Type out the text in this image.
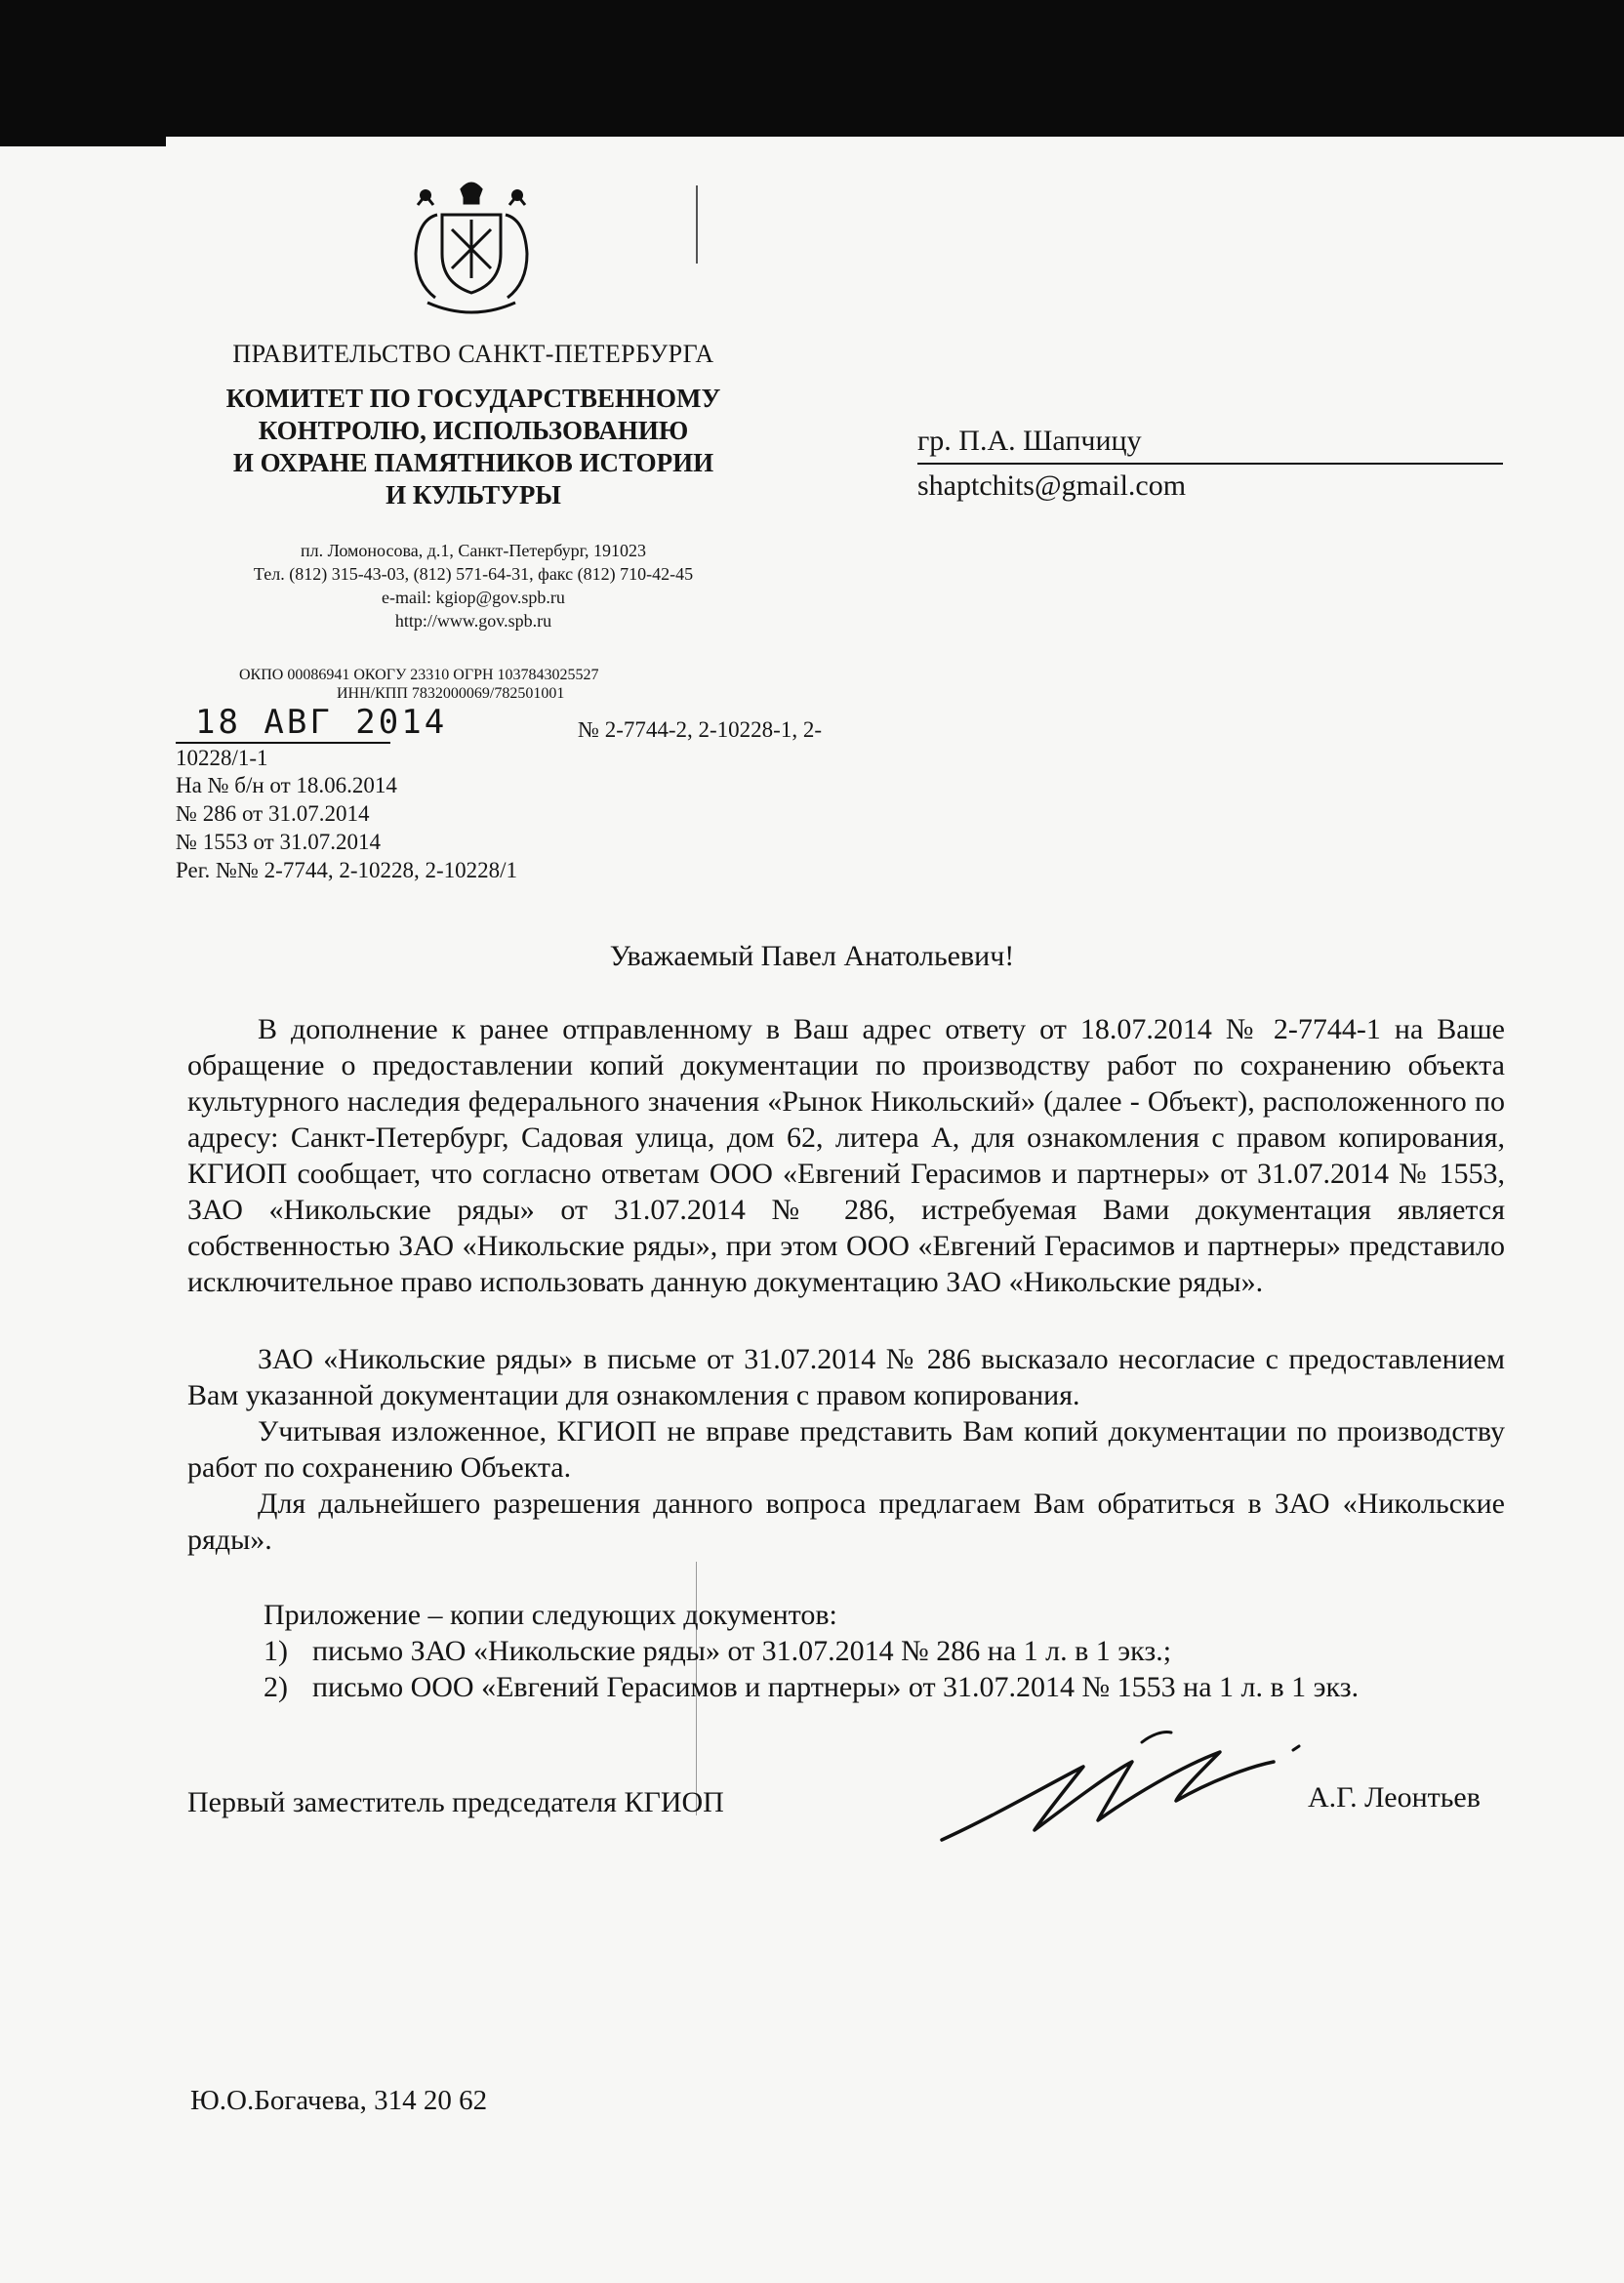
ПРАВИТЕЛЬСТВО САНКТ-ПЕТЕРБУРГА
КОМИТЕТ ПО ГОСУДАРСТВЕННОМУ
КОНТРОЛЮ, ИСПОЛЬЗОВАНИЮ
И ОХРАНЕ ПАМЯТНИКОВ ИСТОРИИ
И КУЛЬТУРЫ
пл. Ломоносова, д.1, Санкт-Петербург, 191023
Тел. (812) 315-43-03, (812) 571-64-31, факс (812) 710-42-45
e-mail: kgiop@gov.spb.ru
http://www.gov.spb.ru
ОКПО 00086941 ОКОГУ 23310 ОГРН 1037843025527
ИНН/КПП 7832000069/782501001
18 АВГ 2014	№ 2-7744-2, 2-10228-1, 2-
10228/1-1
На № б/н от 18.06.2014
№ 286 от 31.07.2014
№ 1553 от 31.07.2014
Рег. №№ 2-7744, 2-10228, 2-10228/1
гр. П.А. Шапчицу
shaptchits@gmail.com
Уважаемый Павел Анатольевич!
В дополнение к ранее отправленному в Ваш адрес ответу от 18.07.2014 № 2-7744-1 на Ваше обращение о предоставлении копий документации по производству работ по сохранению объекта культурного наследия федерального значения «Рынок Никольский» (далее - Объект), расположенного по адресу: Санкт-Петербург, Садовая улица, дом 62, литера А, для ознакомления с правом копирования, КГИОП сообщает, что согласно ответам ООО «Евгений Герасимов и партнеры» от 31.07.2014 № 1553, ЗАО «Никольские ряды» от 31.07.2014 № 286, истребуемая Вами документация является собственностью ЗАО «Никольские ряды», при этом ООО «Евгений Герасимов и партнеры» представило исключительное право использовать данную документацию ЗАО «Никольские ряды».
ЗАО «Никольские ряды» в письме от 31.07.2014 № 286 высказало несогласие с предоставлением Вам указанной документации для ознакомления с правом копирования.
Учитывая изложенное, КГИОП не вправе представить Вам копий документации по производству работ по сохранению Объекта.
Для дальнейшего разрешения данного вопроса предлагаем Вам обратиться в ЗАО «Никольские ряды».
Приложение – копии следующих документов:
1) письмо ЗАО «Никольские ряды» от 31.07.2014 № 286 на 1 л. в 1 экз.;
2) письмо ООО «Евгений Герасимов и партнеры» от 31.07.2014 № 1553 на 1 л. в 1 экз.
Первый заместитель председателя КГИОП	А.Г. Леонтьев
Ю.О.Богачева, 314 20 62
